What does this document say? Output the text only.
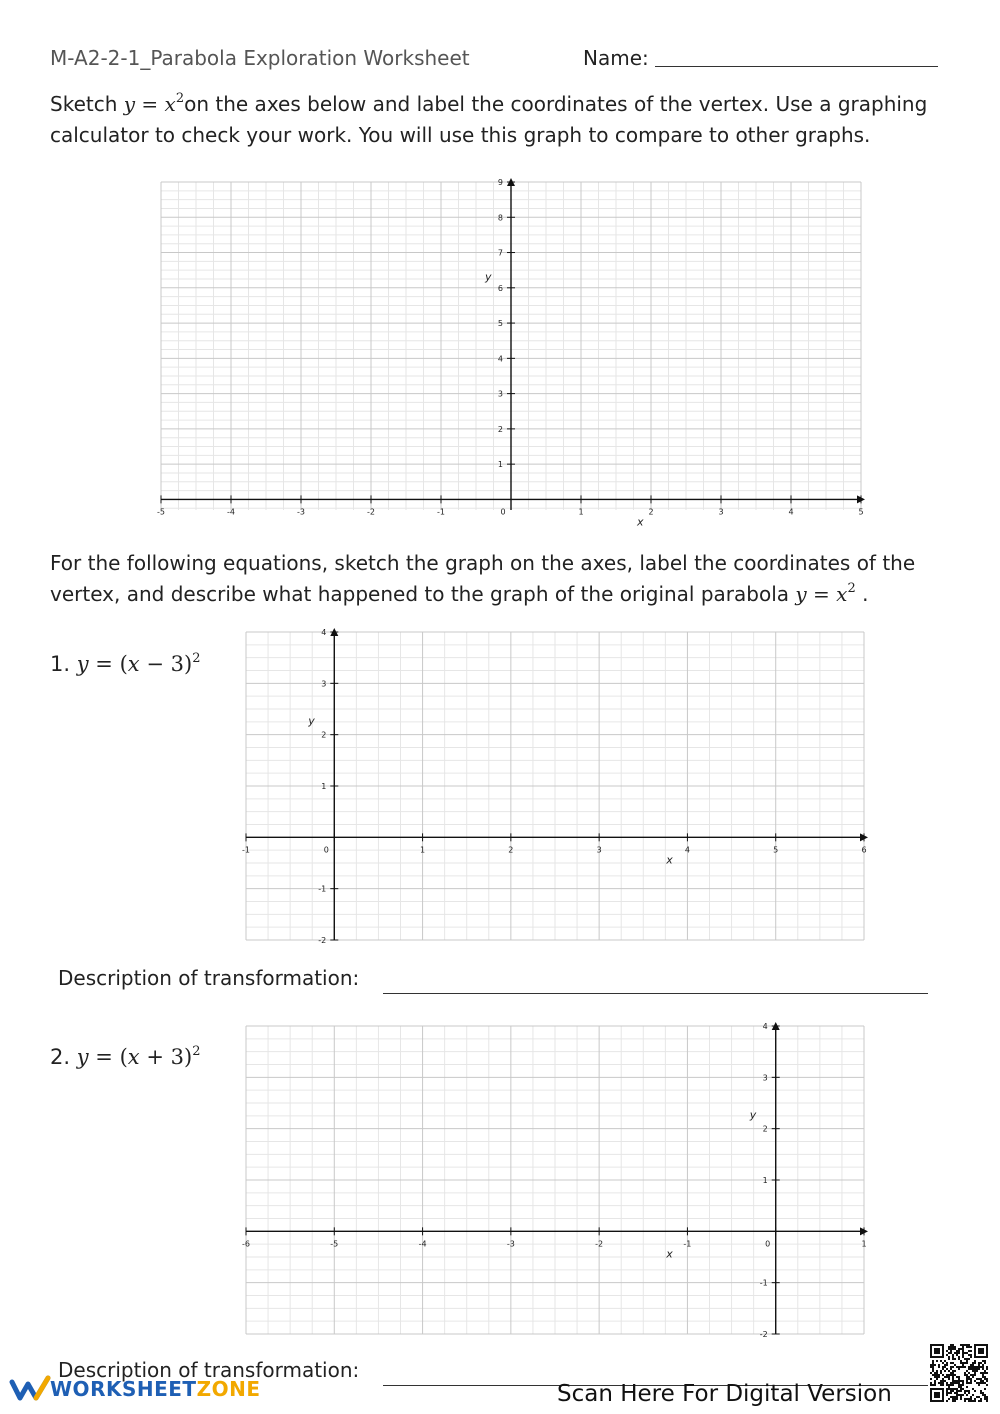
M-A2-2-1_Parabola Exploration Worksheet	Name:
Sketch $y = x^2on$ the axes below and label the coordinates of the vertex. Use a graphing
calculator to check your work. You will use this graph to compare to other graphs.
-5	-4	-3	-2	-1	0	1	2	3	4	5
1
2
3
4
5
6
7
8
9
x
y
For the following equations, sketch the graph on the axes, label the coordinates of the
vertex, and describe what happened to the graph of the original parabola $y = x^2$ .
1. $y = (x - 3)^2$
-1	0	1	2	3	4	5	6
-2
-1
1
2
3
4
x
y
Description of transformation:
2. $y = (x + 3)^2$
-6	-5	-4	-3	-2	-1	0	1
-2
-1
1
2
3
4
x
y
Description of transformation:
WORKSHEETZONE	Scan Here For Digital Version
